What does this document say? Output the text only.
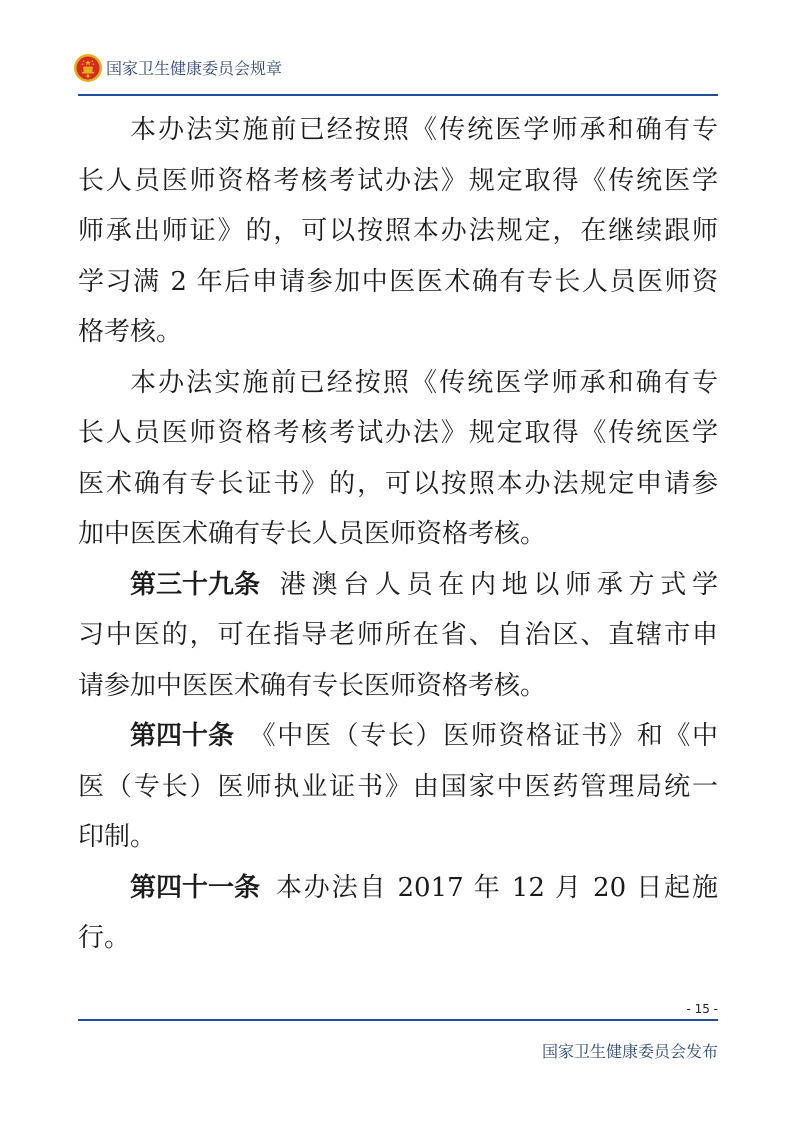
国家卫生健康委员会规章
本办法实施前已经按照《传统医学师承和确有专
长人员医师资格考核考试办法》规定取得《传统医学
师承出师证》的，可以按照本办法规定，在继续跟师
学习满 2 年后申请参加中医医术确有专长人员医师资
格考核。
本办法实施前已经按照《传统医学师承和确有专
长人员医师资格考核考试办法》规定取得《传统医学
医术确有专长证书》的，可以按照本办法规定申请参
加中医医术确有专长人员医师资格考核。
第三十九条 港澳台人员在内地以师承方式学
习中医的，可在指导老师所在省、自治区、直辖市申
请参加中医医术确有专长医师资格考核。
第四十条 《中医（专长）医师资格证书》和《中
医（专长）医师执业证书》由国家中医药管理局统一
印制。
第四十一条 本办法自 2017 年 12 月 20 日起施
行。
- 15 -
国家卫生健康委员会发布
